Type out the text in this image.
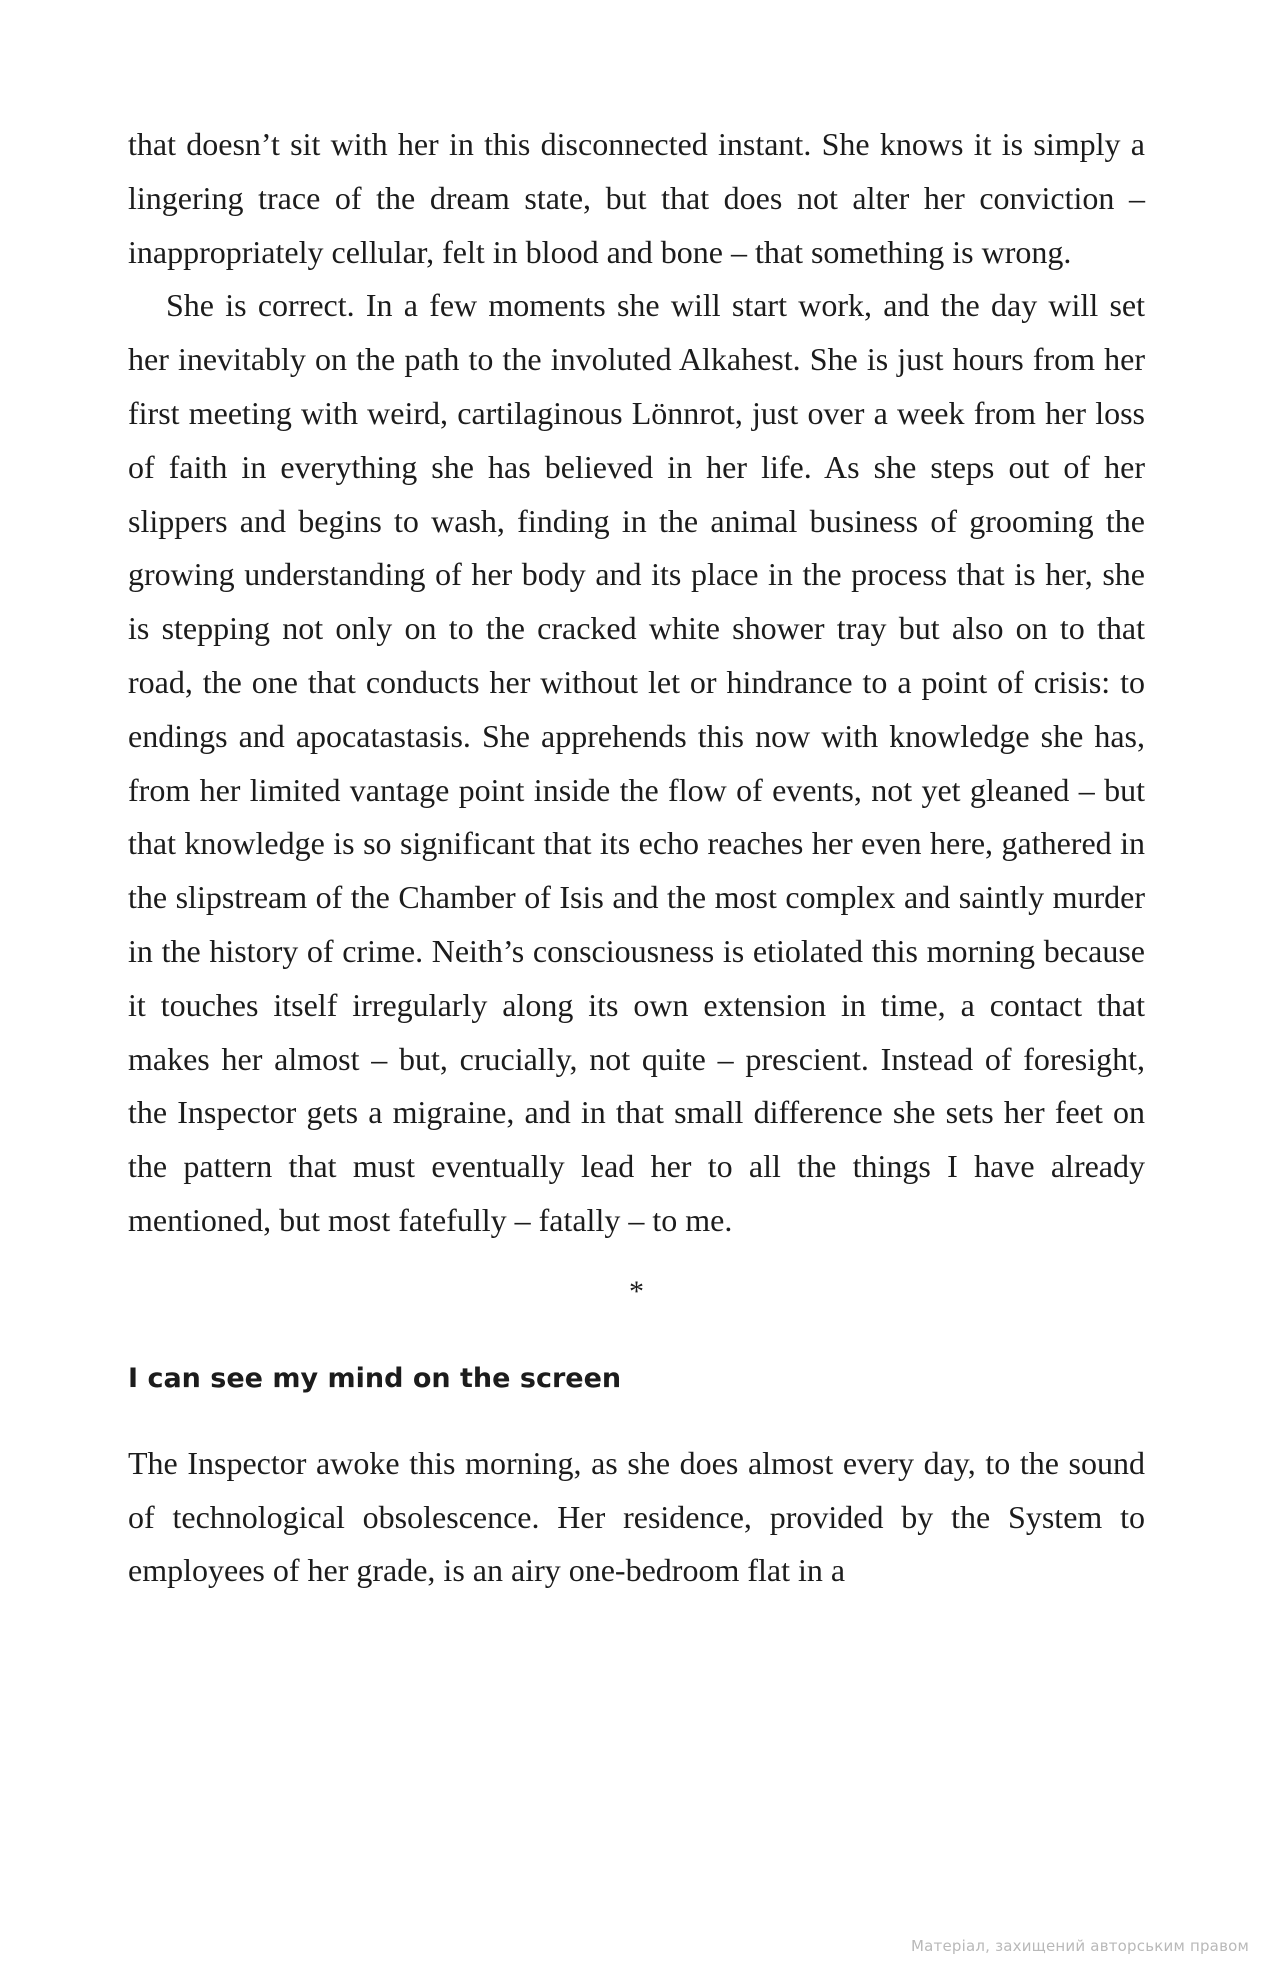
that doesn’t sit with her in this disconnected instant. She knows it is simply a lingering trace of the dream state, but that does not alter her conviction – inappropriately cellular, felt in blood and bone – that something is wrong.

She is correct. In a few moments she will start work, and the day will set her inevitably on the path to the involuted Alkahest. She is just hours from her first meeting with weird, cartilaginous Lönnrot, just over a week from her loss of faith in everything she has believed in her life. As she steps out of her slippers and begins to wash, finding in the animal business of grooming the growing understanding of her body and its place in the process that is her, she is stepping not only on to the cracked white shower tray but also on to that road, the one that conducts her without let or hindrance to a point of crisis: to endings and apocatastasis. She apprehends this now with knowledge she has, from her limited vantage point inside the flow of events, not yet gleaned – but that knowledge is so significant that its echo reaches her even here, gathered in the slipstream of the Chamber of Isis and the most complex and saintly murder in the history of crime. Neith’s consciousness is etiolated this morning because it touches itself irregularly along its own extension in time, a contact that makes her almost – but, crucially, not quite – prescient. Instead of foresight, the Inspector gets a migraine, and in that small difference she sets her feet on the pattern that must eventually lead her to all the things I have already mentioned, but most fatefully – fatally – to me.

*
I can see my mind on the screen

The Inspector awoke this morning, as she does almost every day, to the sound of technological obsolescence. Her residence, provided by the System to employees of her grade, is an airy one-bedroom flat in a

Матеріал, захищений авторським правом
